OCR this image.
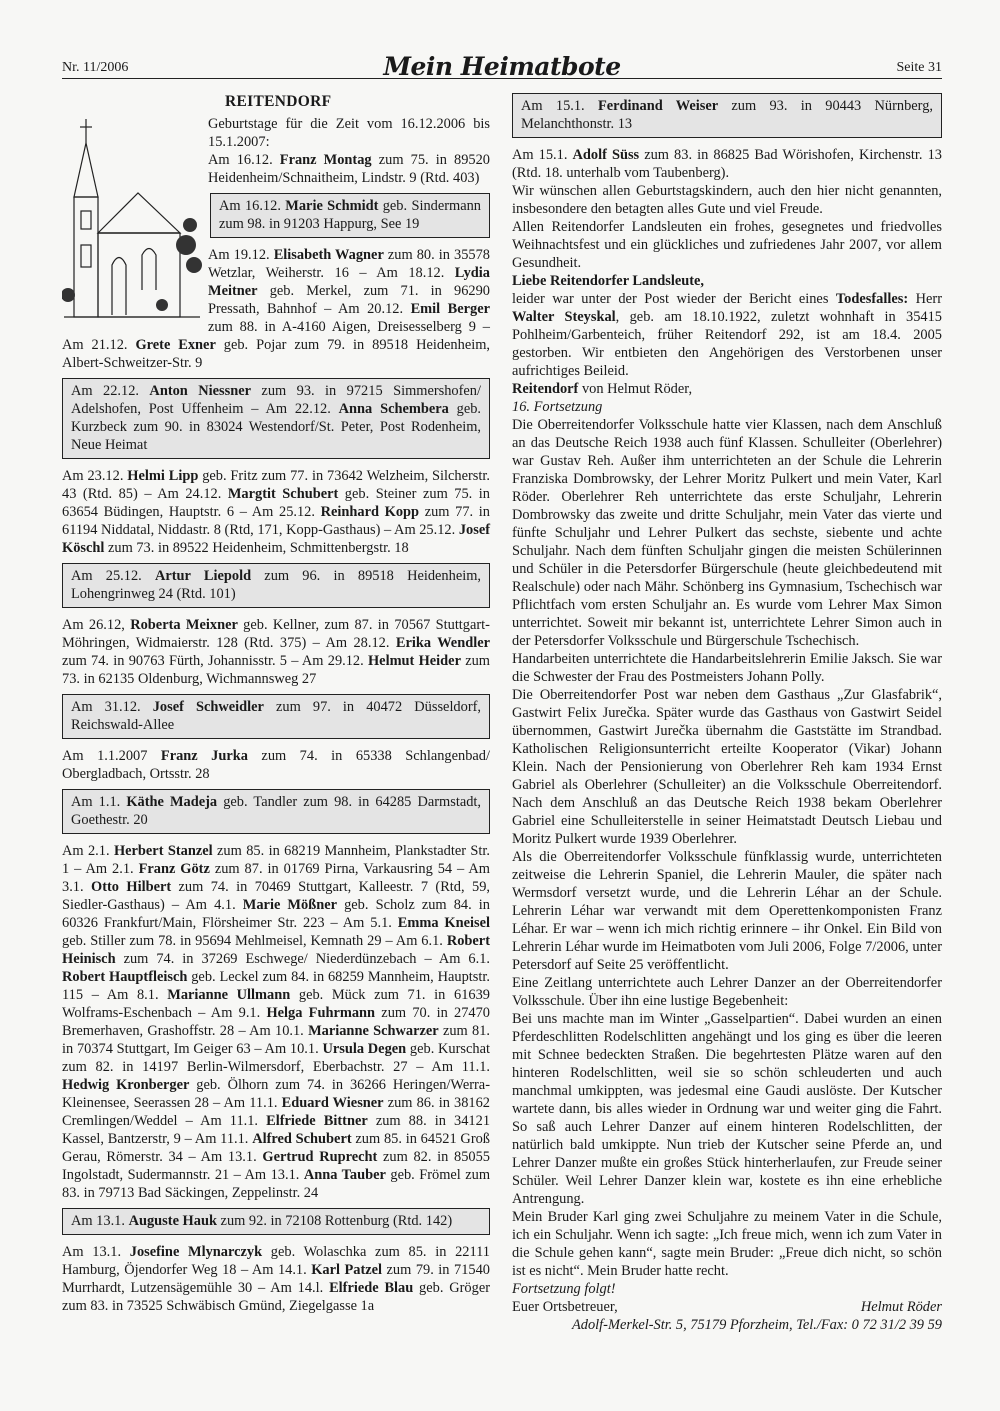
Nr. 11/2006	Mein Heimatbote	Seite 31
REITENDORF

Geburtstage für die Zeit vom 16.12.2006 bis 15.1.2007:

Am 16.12. Franz Montag zum 75. in 89520 Heidenheim/Schnaitheim, Lindstr. 9 (Rtd. 403)

Am 16.12. Marie Schmidt geb. Sindermann zum 98. in 91203 Happurg, See 19

Am 19.12. Elisabeth Wagner zum 80. in 35578 Wetzlar, Weiherstr. 16 – Am 18.12. Lydia Meitner geb. Merkel, zum 71. in 96290 Pressath, Bahnhof – Am 20.12. Emil Berger zum 88. in A-4160 Aigen, Dreisesselberg 9 – Am 21.12. Grete Exner geb. Pojar zum 79. in 89518 Heidenheim, Albert-Schweitzer-Str. 9

Am 22.12. Anton Niessner zum 93. in 97215 Simmershofen/ Adelshofen, Post Uffenheim – Am 22.12. Anna Schembera geb. Kurzbeck zum 90. in 83024 Westendorf/St. Peter, Post Rodenheim, Neue Heimat

Am 23.12. Helmi Lipp geb. Fritz zum 77. in 73642 Welzheim, Silcherstr. 43 (Rtd. 85) – Am 24.12. Margtit Schubert geb. Steiner zum 75. in 63654 Büdingen, Hauptstr. 6 – Am 25.12. Reinhard Kopp zum 77. in 61194 Niddatal, Niddastr. 8 (Rtd, 171, Kopp-Gasthaus) – Am 25.12. Josef Köschl zum 73. in 89522 Heidenheim, Schmittenbergstr. 18

Am 25.12. Artur Liepold zum 96. in 89518 Heidenheim, Lohengrinweg 24 (Rtd. 101)

Am 26.12, Roberta Meixner geb. Kellner, zum 87. in 70567 Stuttgart-Möhringen, Widmaierstr. 128 (Rtd. 375) – Am 28.12. Erika Wendler zum 74. in 90763 Fürth, Johannisstr. 5 – Am 29.12. Helmut Heider zum 73. in 62135 Oldenburg, Wichmannsweg 27

Am 31.12. Josef Schweidler zum 97. in 40472 Düsseldorf, Reichswald-Allee

Am 1.1.2007 Franz Jurka zum 74. in 65338 Schlangenbad/ Obergladbach, Ortsstr. 28

Am 1.1. Käthe Madeja geb. Tandler zum 98. in 64285 Darmstadt, Goethestr. 20

Am 2.1. Herbert Stanzel zum 85. in 68219 Mannheim, Plankstadter Str. 1 – Am 2.1. Franz Götz zum 87. in 01769 Pirna, Varkausring 54 – Am 3.1. Otto Hilbert zum 74. in 70469 Stuttgart, Kalleestr. 7 (Rtd, 59, Siedler-Gasthaus) – Am 4.1. Marie Mößner geb. Scholz zum 84. in 60326 Frankfurt/Main, Flörsheimer Str. 223 – Am 5.1. Emma Kneisel geb. Stiller zum 78. in 95694 Mehlmeisel, Kemnath 29 – Am 6.1. Robert Heinisch zum 74. in 37269 Eschwege/ Niederdünzebach – Am 6.1. Robert Hauptfleisch geb. Leckel zum 84. in 68259 Mannheim, Hauptstr. 115 – Am 8.1. Marianne Ullmann geb. Mück zum 71. in 61639 Wolframs-Eschenbach – Am 9.1. Helga Fuhrmann zum 70. in 27470 Bremerhaven, Grashoffstr. 28 – Am 10.1. Marianne Schwarzer zum 81. in 70374 Stuttgart, Im Geiger 63 – Am 10.1. Ursula Degen geb. Kurschat zum 82. in 14197 Berlin-Wilmersdorf, Eberbachstr. 27 – Am 11.1. Hedwig Kronberger geb. Ölhorn zum 74. in 36266 Heringen/Werra-Kleinensee, Seerassen 28 – Am 11.1. Eduard Wiesner zum 86. in 38162 Cremlingen/Weddel – Am 11.1. Elfriede Bittner zum 88. in 34121 Kassel, Bantzerstr, 9 – Am 11.1. Alfred Schubert zum 85. in 64521 Groß Gerau, Römerstr. 34 – Am 13.1. Gertrud Ruprecht zum 82. in 85055 Ingolstadt, Sudermannstr. 21 – Am 13.1. Anna Tauber geb. Frömel zum 83. in 79713 Bad Säckingen, Zeppelinstr. 24

Am 13.1. Auguste Hauk zum 92. in 72108 Rottenburg (Rtd. 142)

Am 13.1. Josefine Mlynarczyk geb. Wolaschka zum 85. in 22111 Hamburg, Öjendorfer Weg 18 – Am 14.1. Karl Patzel zum 79. in 71540 Murrhardt, Lutzensägemühle 30 – Am 14.l. Elfriede Blau geb. Gröger zum 83. in 73525 Schwäbisch Gmünd, Ziegelgasse 1a

Am 15.1. Ferdinand Weiser zum 93. in 90443 Nürnberg, Melanchthonstr. 13

Am 15.1. Adolf Süss zum 83. in 86825 Bad Wörishofen, Kirchenstr. 13 (Rtd. 18. unterhalb vom Taubenberg).

Wir wünschen allen Geburtstagskindern, auch den hier nicht genannten, insbesondere den betagten alles Gute und viel Freude.

Allen Reitendorfer Landsleuten ein frohes, gesegnetes und friedvolles Weihnachtsfest und ein glückliches und zufriedenes Jahr 2007, vor allem Gesundheit.

Liebe Reitendorfer Landsleute,

leider war unter der Post wieder der Bericht eines Todesfalles: Herr Walter Steyskal, geb. am 18.10.1922, zuletzt wohnhaft in 35415 Pohlheim/Garbenteich, früher Reitendorf 292, ist am 18.4. 2005 gestorben. Wir entbieten den Angehörigen des Verstorbenen unser aufrichtiges Beileid.

Reitendorf von Helmut Röder,

16. Fortsetzung

Die Oberreitendorfer Volksschule hatte vier Klassen, nach dem Anschluß an das Deutsche Reich 1938 auch fünf Klassen. Schulleiter (Oberlehrer) war Gustav Reh. Außer ihm unterrichteten an der Schule die Lehrerin Franziska Dombrowsky, der Lehrer Moritz Pulkert und mein Vater, Karl Röder. Oberlehrer Reh unterrichtete das erste Schuljahr, Lehrerin Dombrowsky das zweite und dritte Schuljahr, mein Vater das vierte und fünfte Schuljahr und Lehrer Pulkert das sechste, siebente und achte Schuljahr. Nach dem fünften Schuljahr gingen die meisten Schülerinnen und Schüler in die Petersdorfer Bürgerschule (heute gleichbedeutend mit Realschule) oder nach Mähr. Schönberg ins Gymnasium, Tschechisch war Pflichtfach vom ersten Schuljahr an. Es wurde vom Lehrer Max Simon unterrichtet. Soweit mir bekannt ist, unterrichtete Lehrer Simon auch in der Petersdorfer Volksschule und Bürgerschule Tschechisch.

Handarbeiten unterrichtete die Handarbeitslehrerin Emilie Jaksch. Sie war die Schwester der Frau des Postmeisters Johann Polly.

Die Oberreitendorfer Post war neben dem Gasthaus „Zur Glasfabrik“, Gastwirt Felix Jurečka. Später wurde das Gasthaus von Gastwirt Seidel übernommen, Gastwirt Jurečka übernahm die Gaststätte im Strandbad. Katholischen Religionsunterricht erteilte Kooperator (Vikar) Johann Klein. Nach der Pensionierung von Oberlehrer Reh kam 1934 Ernst Gabriel als Oberlehrer (Schulleiter) an die Volksschule Oberreitendorf. Nach dem Anschluß an das Deutsche Reich 1938 bekam Oberlehrer Gabriel eine Schulleiterstelle in seiner Heimatstadt Deutsch Liebau und Moritz Pulkert wurde 1939 Oberlehrer.

Als die Oberreitendorfer Volksschule fünfklassig wurde, unterrichteten zeitweise die Lehrerin Spaniel, die Lehrerin Mauler, die später nach Wermsdorf versetzt wurde, und die Lehrerin Léhar an der Schule. Lehrerin Léhar war verwandt mit dem Operettenkomponisten Franz Léhar. Er war – wenn ich mich richtig erinnere – ihr Onkel. Ein Bild von Lehrerin Léhar wurde im Heimatboten vom Juli 2006, Folge 7/2006, unter Petersdorf auf Seite 25 veröffentlicht.

Eine Zeitlang unterrichtete auch Lehrer Danzer an der Oberreitendorfer Volksschule. Über ihn eine lustige Begebenheit:

Bei uns machte man im Winter „Gasselpartien“. Dabei wurden an einen Pferdeschlitten Rodelschlitten angehängt und los ging es über die leeren mit Schnee bedeckten Straßen. Die begehrtesten Plätze waren auf den hinteren Rodelschlitten, weil sie so schön schleuderten und auch manchmal umkippten, was jedesmal eine Gaudi auslöste. Der Kutscher wartete dann, bis alles wieder in Ordnung war und weiter ging die Fahrt. So saß auch Lehrer Danzer auf einem hinteren Rodelschlitten, der natürlich bald umkippte. Nun trieb der Kutscher seine Pferde an, und Lehrer Danzer mußte ein großes Stück hinterherlaufen, zur Freude seiner Schüler. Weil Lehrer Danzer klein war, kostete es ihn eine erhebliche Antrengung.

Mein Bruder Karl ging zwei Schuljahre zu meinem Vater in die Schule, ich ein Schuljahr. Wenn ich sagte: „Ich freue mich, wenn ich zum Vater in die Schule gehen kann“, sagte mein Bruder: „Freue dich nicht, so schön ist es nicht“. Mein Bruder hatte recht.

Fortsetzung folgt!

Euer Ortsbetreuer,	Helmut Röder
Adolf-Merkel-Str. 5, 75179 Pforzheim, Tel./Fax: 0 72 31/2 39 59
